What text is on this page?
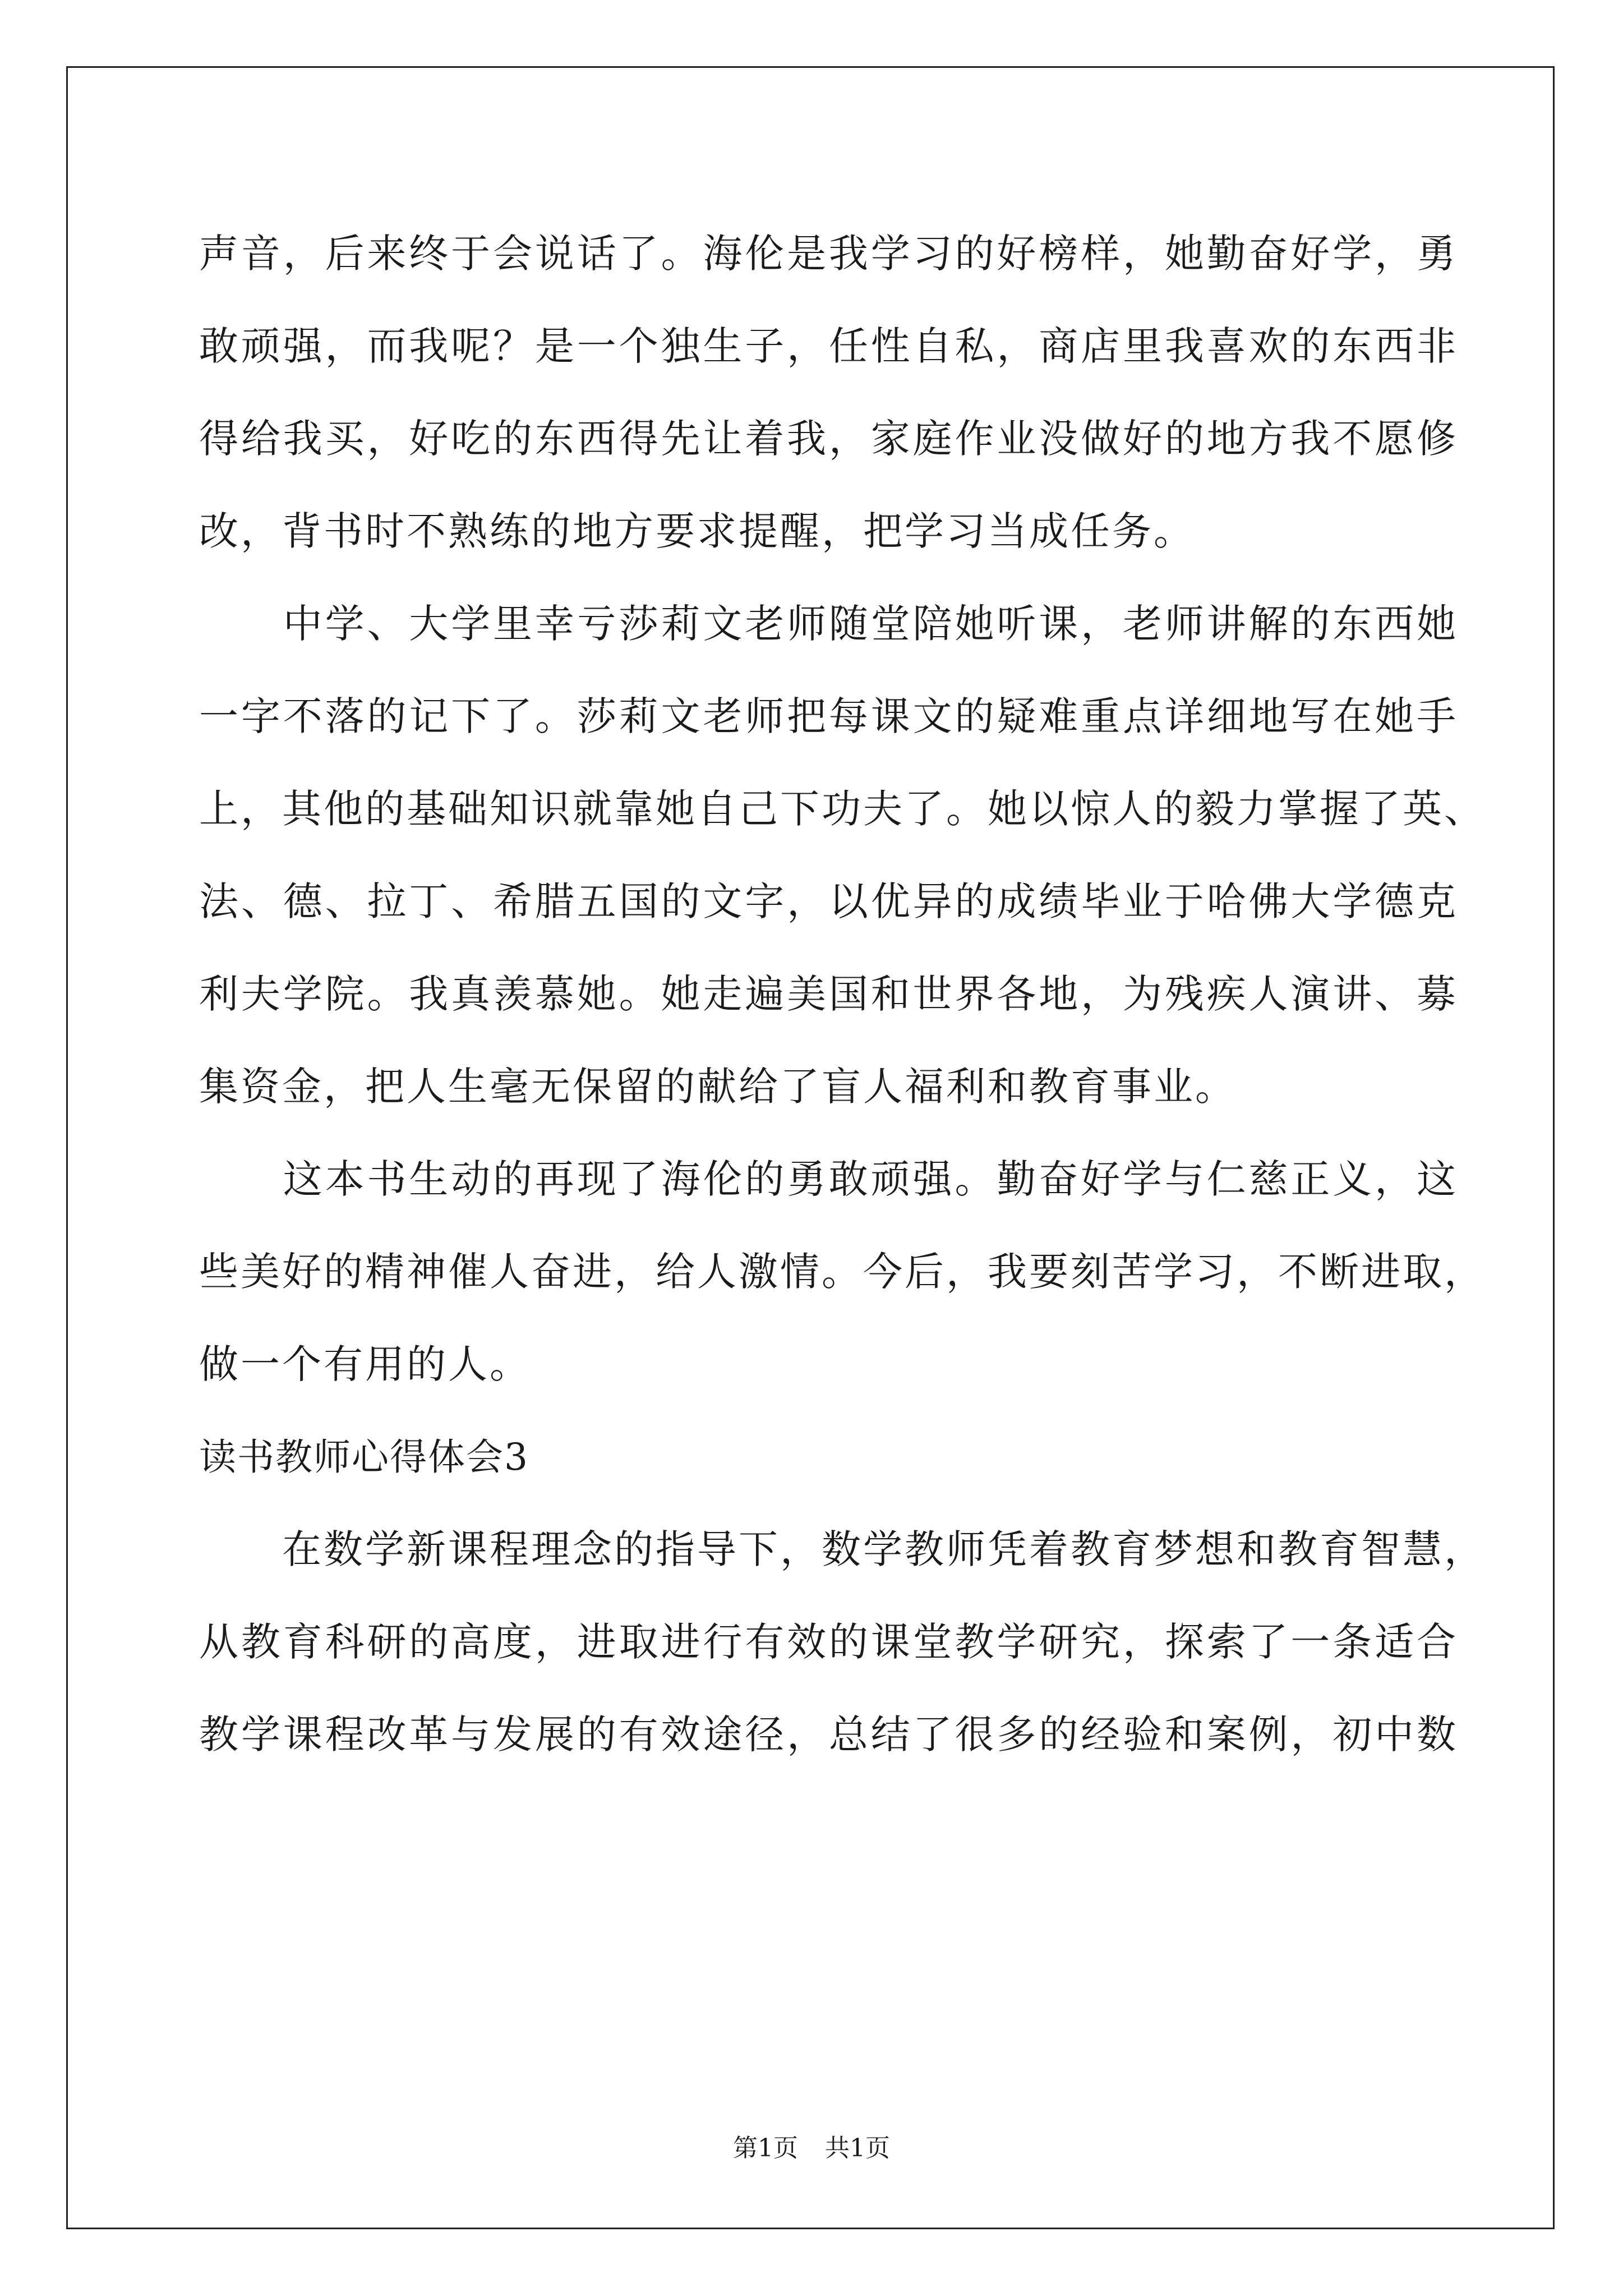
声音，后来终于会说话了。海伦是我学习的好榜样，她勤奋好学，勇
敢顽强，而我呢？是一个独生子，任性自私，商店里我喜欢的东西非
得给我买，好吃的东西得先让着我，家庭作业没做好的地方我不愿修
改，背书时不熟练的地方要求提醒，把学习当成任务。
　　中学、大学里幸亏莎莉文老师随堂陪她听课，老师讲解的东西她
一字不落的记下了。莎莉文老师把每课文的疑难重点详细地写在她手
上，其他的基础知识就靠她自己下功夫了。她以惊人的毅力掌握了英、
法、德、拉丁、希腊五国的文字，以优异的成绩毕业于哈佛大学德克
利夫学院。我真羡慕她。她走遍美国和世界各地，为残疾人演讲、募
集资金，把人生毫无保留的献给了盲人福利和教育事业。
　　这本书生动的再现了海伦的勇敢顽强。勤奋好学与仁慈正义，这
些美好的精神催人奋进，给人激情。今后，我要刻苦学习，不断进取，
做一个有用的人。
读书教师心得体会3
　　在数学新课程理念的指导下，数学教师凭着教育梦想和教育智慧，
从教育科研的高度，进取进行有效的课堂教学研究，探索了一条适合
教学课程改革与发展的有效途径，总结了很多的经验和案例，初中数
第1页 共1页
